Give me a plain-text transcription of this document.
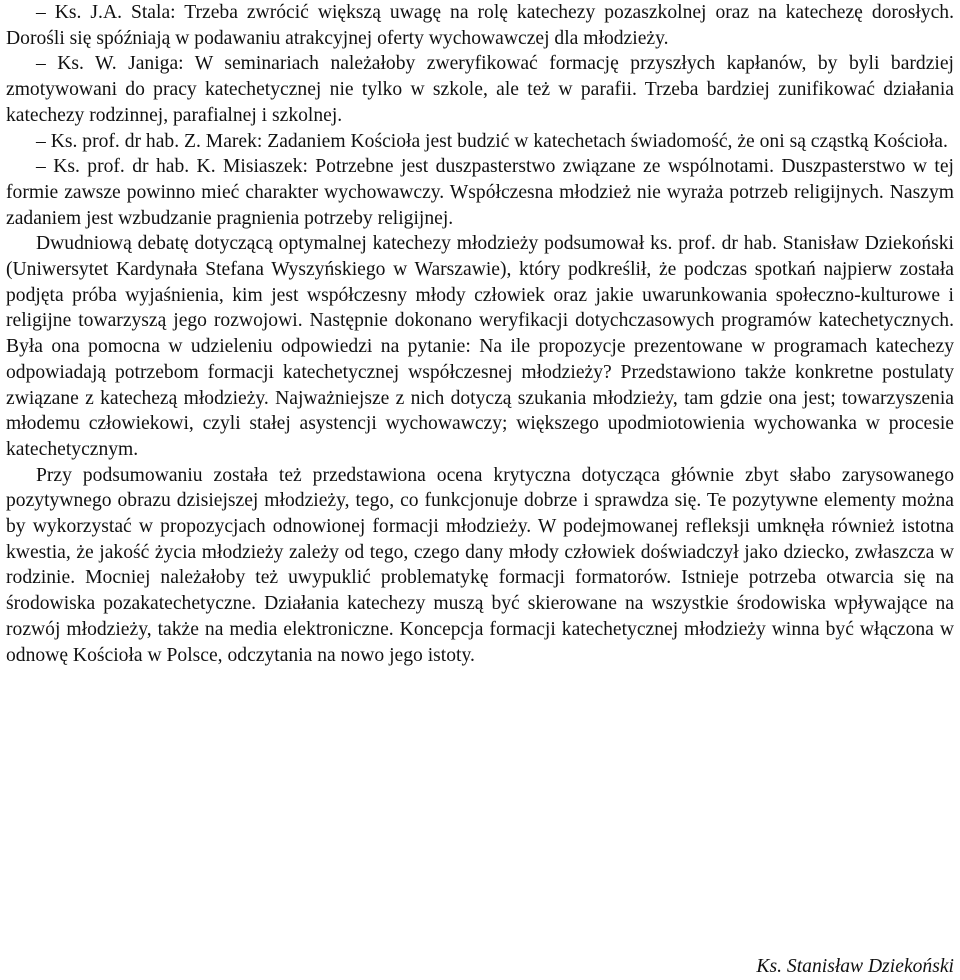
– Ks. J.A. Stala: Trzeba zwrócić większą uwagę na rolę katechezy pozaszkolnej oraz na katechezę dorosłych. Dorośli się spóźniają w podawaniu atrakcyjnej oferty wychowawczej dla młodzieży.

– Ks. W. Janiga: W seminariach należałoby zweryfikować formację przyszłych kapłanów, by byli bardziej zmotywowani do pracy katechetycznej nie tylko w szkole, ale też w parafii. Trzeba bardziej zunifikować działania katechezy rodzinnej, parafialnej i szkolnej.

– Ks. prof. dr hab. Z. Marek: Zadaniem Kościoła jest budzić w katechetach świadomość, że oni są cząstką Kościoła.

– Ks. prof. dr hab. K. Misiaszek: Potrzebne jest duszpasterstwo związane ze wspólnotami. Duszpasterstwo w tej formie zawsze powinno mieć charakter wychowawczy. Współczesna młodzież nie wyraża potrzeb religijnych. Naszym zadaniem jest wzbudzanie pragnienia potrzeby religijnej.

Dwudniową debatę dotyczącą optymalnej katechezy młodzieży podsumował ks. prof. dr hab. Stanisław Dziekoński (Uniwersytet Kardynała Stefana Wyszyńskiego w Warszawie), który podkreślił, że podczas spotkań najpierw została podjęta próba wyjaśnienia, kim jest współczesny młody człowiek oraz jakie uwarunkowania społeczno-kulturowe i religijne towarzyszą jego rozwojowi. Następnie dokonano weryfikacji dotychczasowych programów katechetycznych. Była ona pomocna w udzieleniu odpowiedzi na pytanie: Na ile propozycje prezentowane w programach katechezy odpowiadają potrzebom formacji katechetycznej współczesnej młodzieży? Przedstawiono także konkretne postulaty związane z katechezą młodzieży. Najważniejsze z nich dotyczą szukania młodzieży, tam gdzie ona jest; towarzyszenia młodemu człowiekowi, czyli stałej asystencji wychowawczy; większego upodmiotowienia wychowanka w procesie katechetycznym.

Przy podsumowaniu została też przedstawiona ocena krytyczna dotycząca głównie zbyt słabo zarysowanego pozytywnego obrazu dzisiejszej młodzieży, tego, co funkcjonuje dobrze i sprawdza się. Te pozytywne elementy można by wykorzystać w propozycjach odnowionej formacji młodzieży. W podejmowanej refleksji umknęła również istotna kwestia, że jakość życia młodzieży zależy od tego, czego dany młody człowiek doświadczył jako dziecko, zwłaszcza w rodzinie. Mocniej należałoby też uwypuklić problematykę formacji formatorów. Istnieje potrzeba otwarcia się na środowiska pozakatechetyczne. Działania katechezy muszą być skierowane na wszystkie środowiska wpływające na rozwój młodzieży, także na media elektroniczne. Koncepcja formacji katechetycznej młodzieży winna być włączona w odnowę Kościoła w Polsce, odczytania na nowo jego istoty.

Ks. Stanisław Dziekoński
